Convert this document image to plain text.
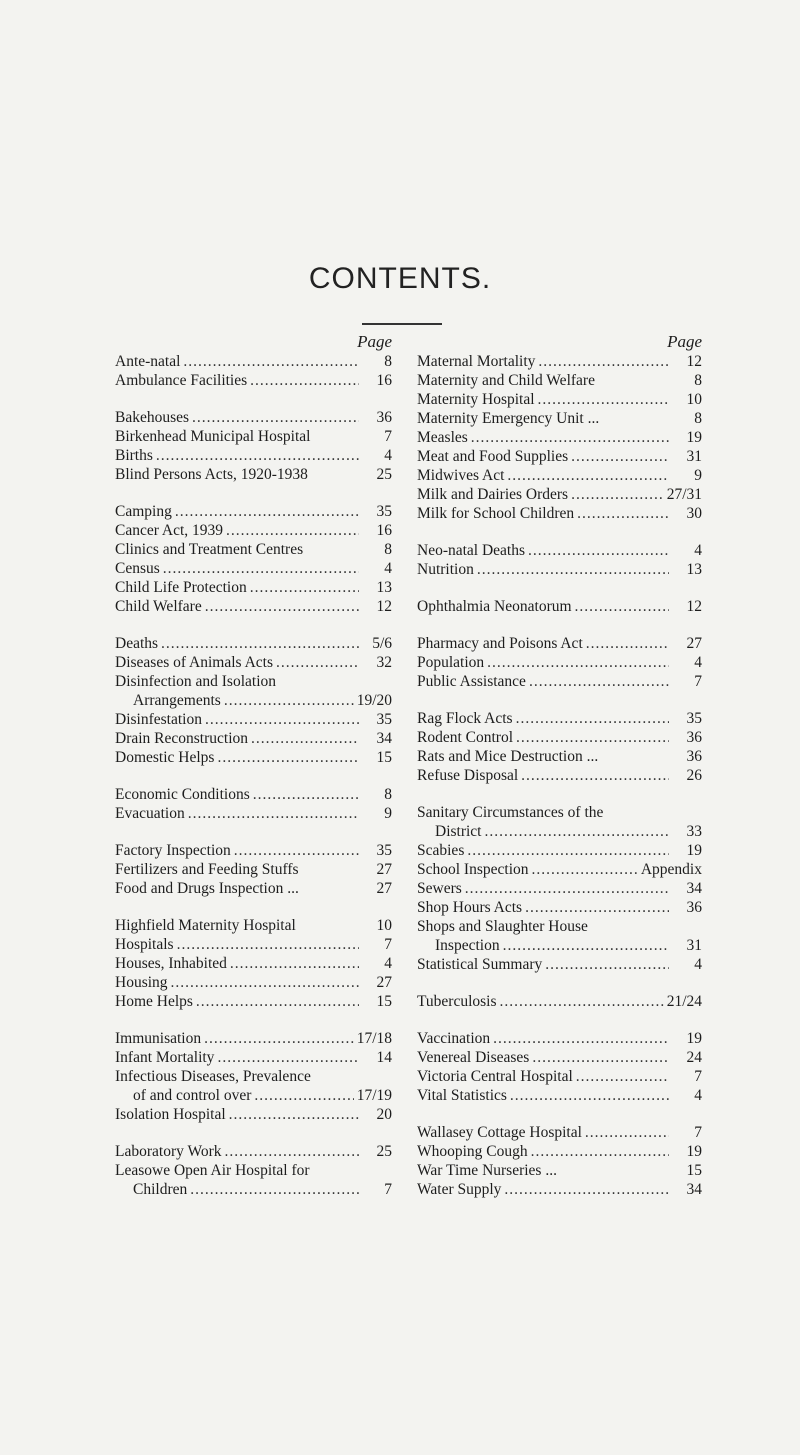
CONTENTS.
Page
Ante-natal .....	8
Ambulance Facilities .....	16
Bakehouses .....	36
Birkenhead Municipal Hospital	7
Births .....	4
Blind Persons Acts, 1920-1938	25
Camping .....	35
Cancer Act, 1939 .....	16
Clinics and Treatment Centres	8
Census .....	4
Child Life Protection .....	13
Child Welfare .....	12
Deaths .....	5/6
Diseases of Animals Acts .....	32
Disinfection and Isolation
Arrangements .....	19/20
Disinfestation .....	35
Drain Reconstruction .....	34
Domestic Helps .....	15
Economic Conditions .....	8
Evacuation .....	9
Factory Inspection .....	35
Fertilizers and Feeding Stuffs	27
Food and Drugs Inspection ...	27
Highfield Maternity Hospital	10
Hospitals .....	7
Houses, Inhabited .....	4
Housing .....	27
Home Helps .....	15
Immunisation .....	17/18
Infant Mortality .....	14
Infectious Diseases, Prevalence
of and control over .....	17/19
Isolation Hospital .....	20
Laboratory Work .....	25
Leasowe Open Air Hospital for
Children .....	7
Page
Maternal Mortality .....	12
Maternity and Child Welfare	8
Maternity Hospital .....	10
Maternity Emergency Unit ...	8
Measles .....	19
Meat and Food Supplies .....	31
Midwives Act .....	9
Milk and Dairies Orders .....	27/31
Milk for School Children .....	30
Neo-natal Deaths .....	4
Nutrition .....	13
Ophthalmia Neonatorum .....	12
Pharmacy and Poisons Act .....	27
Population .....	4
Public Assistance .....	7
Rag Flock Acts .....	35
Rodent Control .....	36
Rats and Mice Destruction ...	36
Refuse Disposal .....	26
Sanitary Circumstances of the
District .....	33
Scabies .....	19
School Inspection .....	Appendix
Sewers .....	34
Shop Hours Acts .....	36
Shops and Slaughter House
Inspection .....	31
Statistical Summary .....	4
Tuberculosis .....	21/24
Vaccination .....	19
Venereal Diseases .....	24
Victoria Central Hospital .....	7
Vital Statistics .....	4
Wallasey Cottage Hospital .....	7
Whooping Cough .....	19
War Time Nurseries ...	15
Water Supply .....	34
